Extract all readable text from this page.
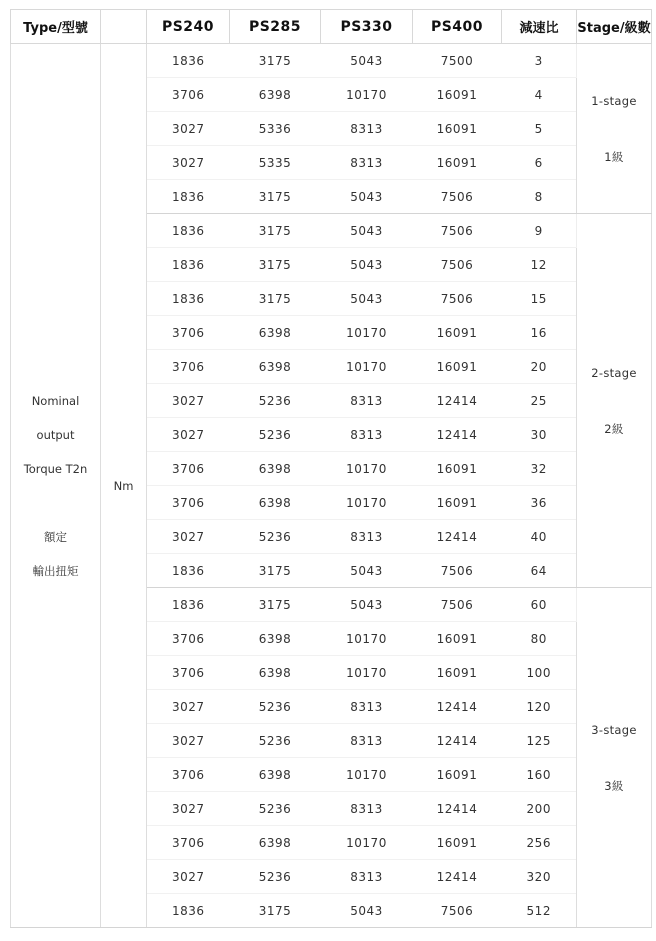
Type/型號		PS240	PS285	PS330	PS400	減速比	Stage/級數

Nominal
output
Torque T2n

額定
輸出扭矩	Nm	1836	3175	5043	7500	3	1-stage
1級

		3706	6398	10170	16091	4	
		3027	5336	8313	16091	5	
		3027	5335	8313	16091	6	
		1836	3175	5043	7506	8	
		1836	3175	5043	7506	9	2-stage
2級

		1836	3175	5043	7506	12	
		1836	3175	5043	7506	15	
		3706	6398	10170	16091	16	
		3706	6398	10170	16091	20	
		3027	5236	8313	12414	25	
		3027	5236	8313	12414	30	
		3706	6398	10170	16091	32	
		3706	6398	10170	16091	36	
		3027	5236	8313	12414	40	
		1836	3175	5043	7506	64	
		1836	3175	5043	7506	60	3-stage
3級

		3706	6398	10170	16091	80	
		3706	6398	10170	16091	100	
		3027	5236	8313	12414	120	
		3027	5236	8313	12414	125	
		3706	6398	10170	16091	160	
		3027	5236	8313	12414	200	
		3706	6398	10170	16091	256	
		3027	5236	8313	12414	320	
		1836	3175	5043	7506	512	
